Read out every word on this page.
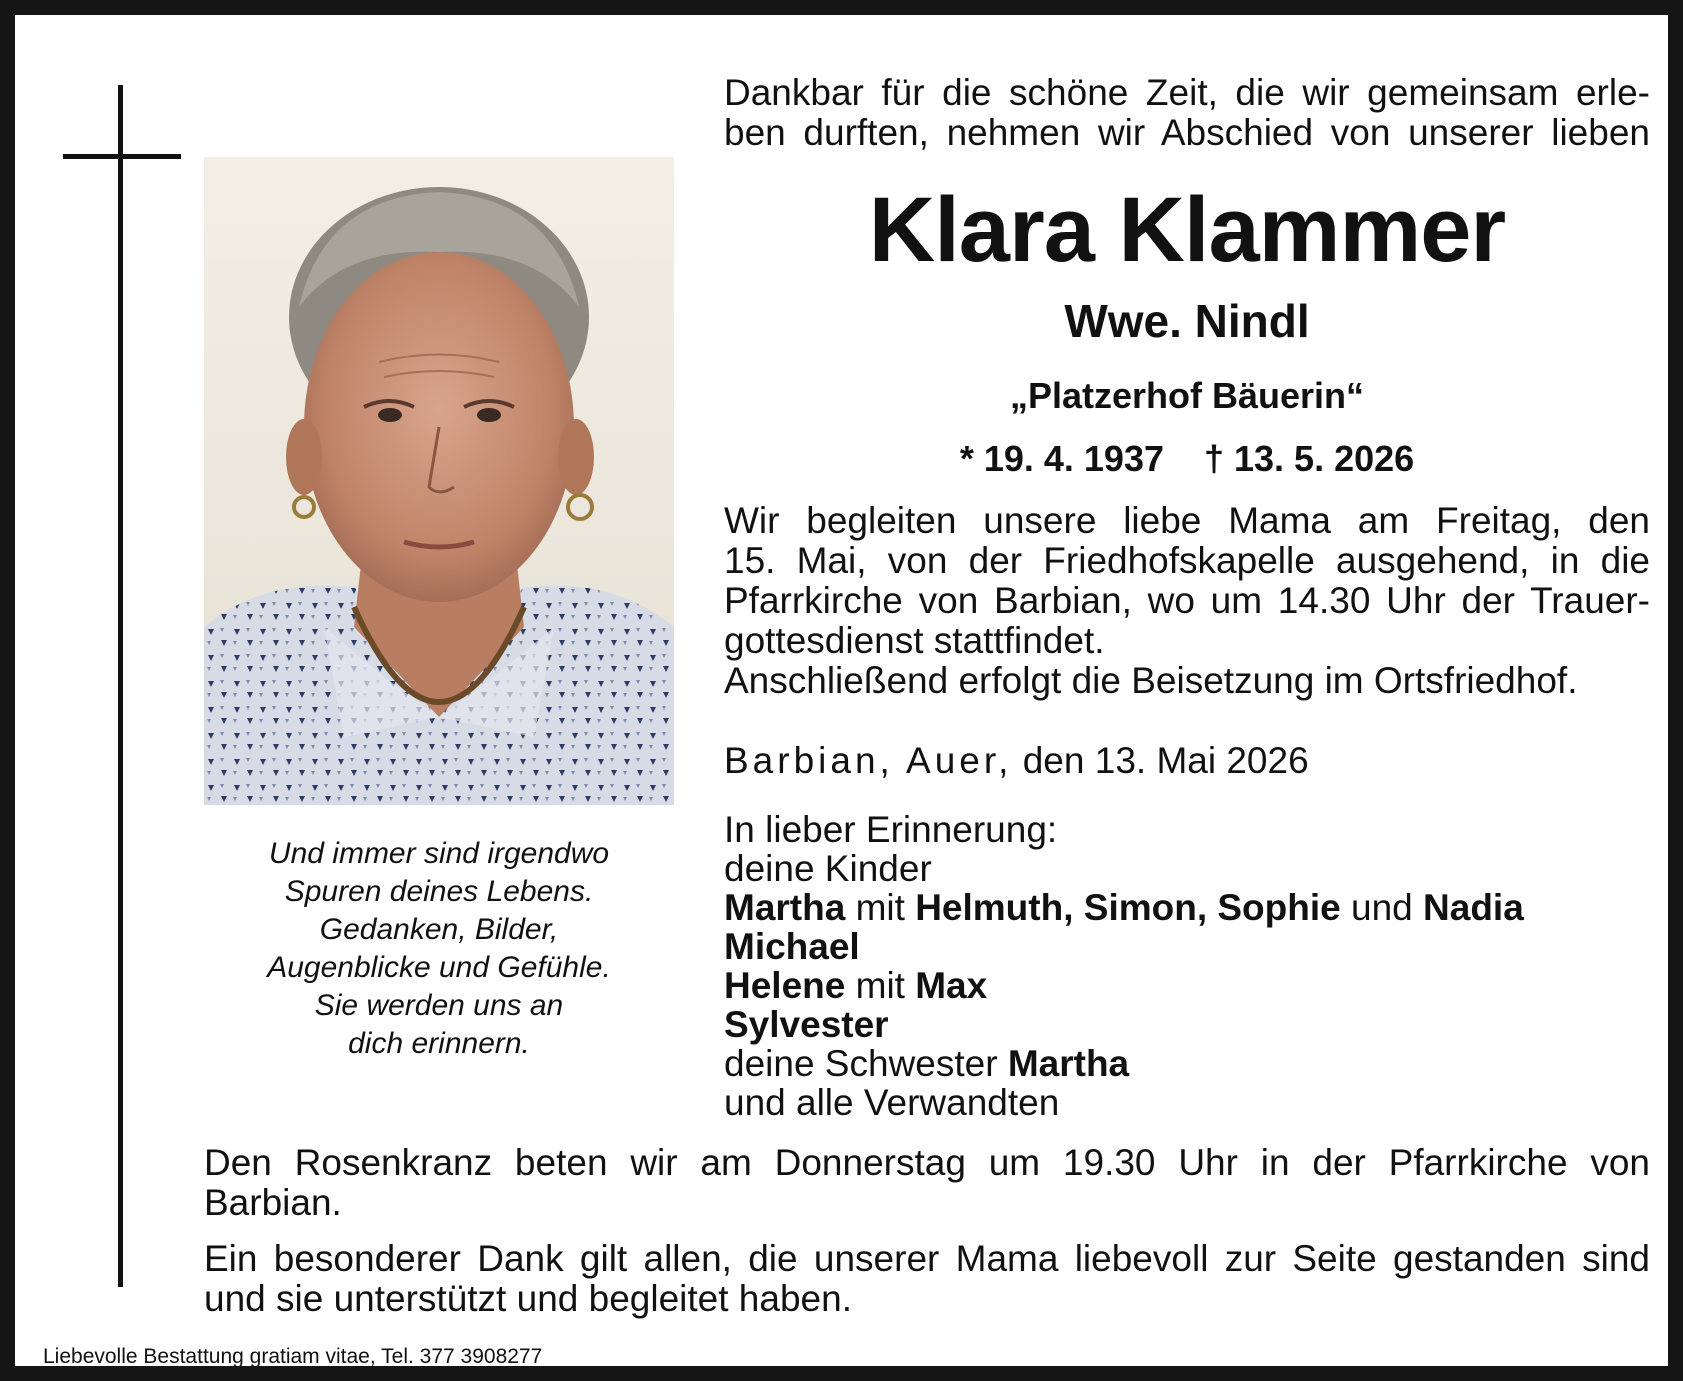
Und immer sind irgendwo
Spuren deines Lebens.
Gedanken, Bilder,
Augenblicke und Gefühle.
Sie werden uns an
dich erinnern.
Dankbar für die schöne Zeit, die wir gemeinsam erle-
ben durften, nehmen wir Abschied von unserer lieben
Klara Klammer
Wwe. Nindl
„Platzerhof Bäuerin“
* 19. 4. 1937 † 13. 5. 2026
Wir begleiten unsere liebe Mama am Freitag, den
15. Mai, von der Friedhofskapelle ausgehend, in die
Pfarrkirche von Barbian, wo um 14.30 Uhr der Trauer-
gottesdienst stattfindet.
Anschließend erfolgt die Beisetzung im Ortsfriedhof.
Barbian, Auer, den 13. Mai 2026
In lieber Erinnerung:
deine Kinder
Martha mit Helmuth, Simon, Sophie und Nadia
Michael
Helene mit Max
Sylvester
deine Schwester Martha
und alle Verwandten
Den Rosenkranz beten wir am Donnerstag um 19.30 Uhr in der Pfarrkirche von
Barbian.
Ein besonderer Dank gilt allen, die unserer Mama liebevoll zur Seite gestanden sind
und sie unterstützt und begleitet haben.
Liebevolle Bestattung gratiam vitae, Tel. 377 3908277
